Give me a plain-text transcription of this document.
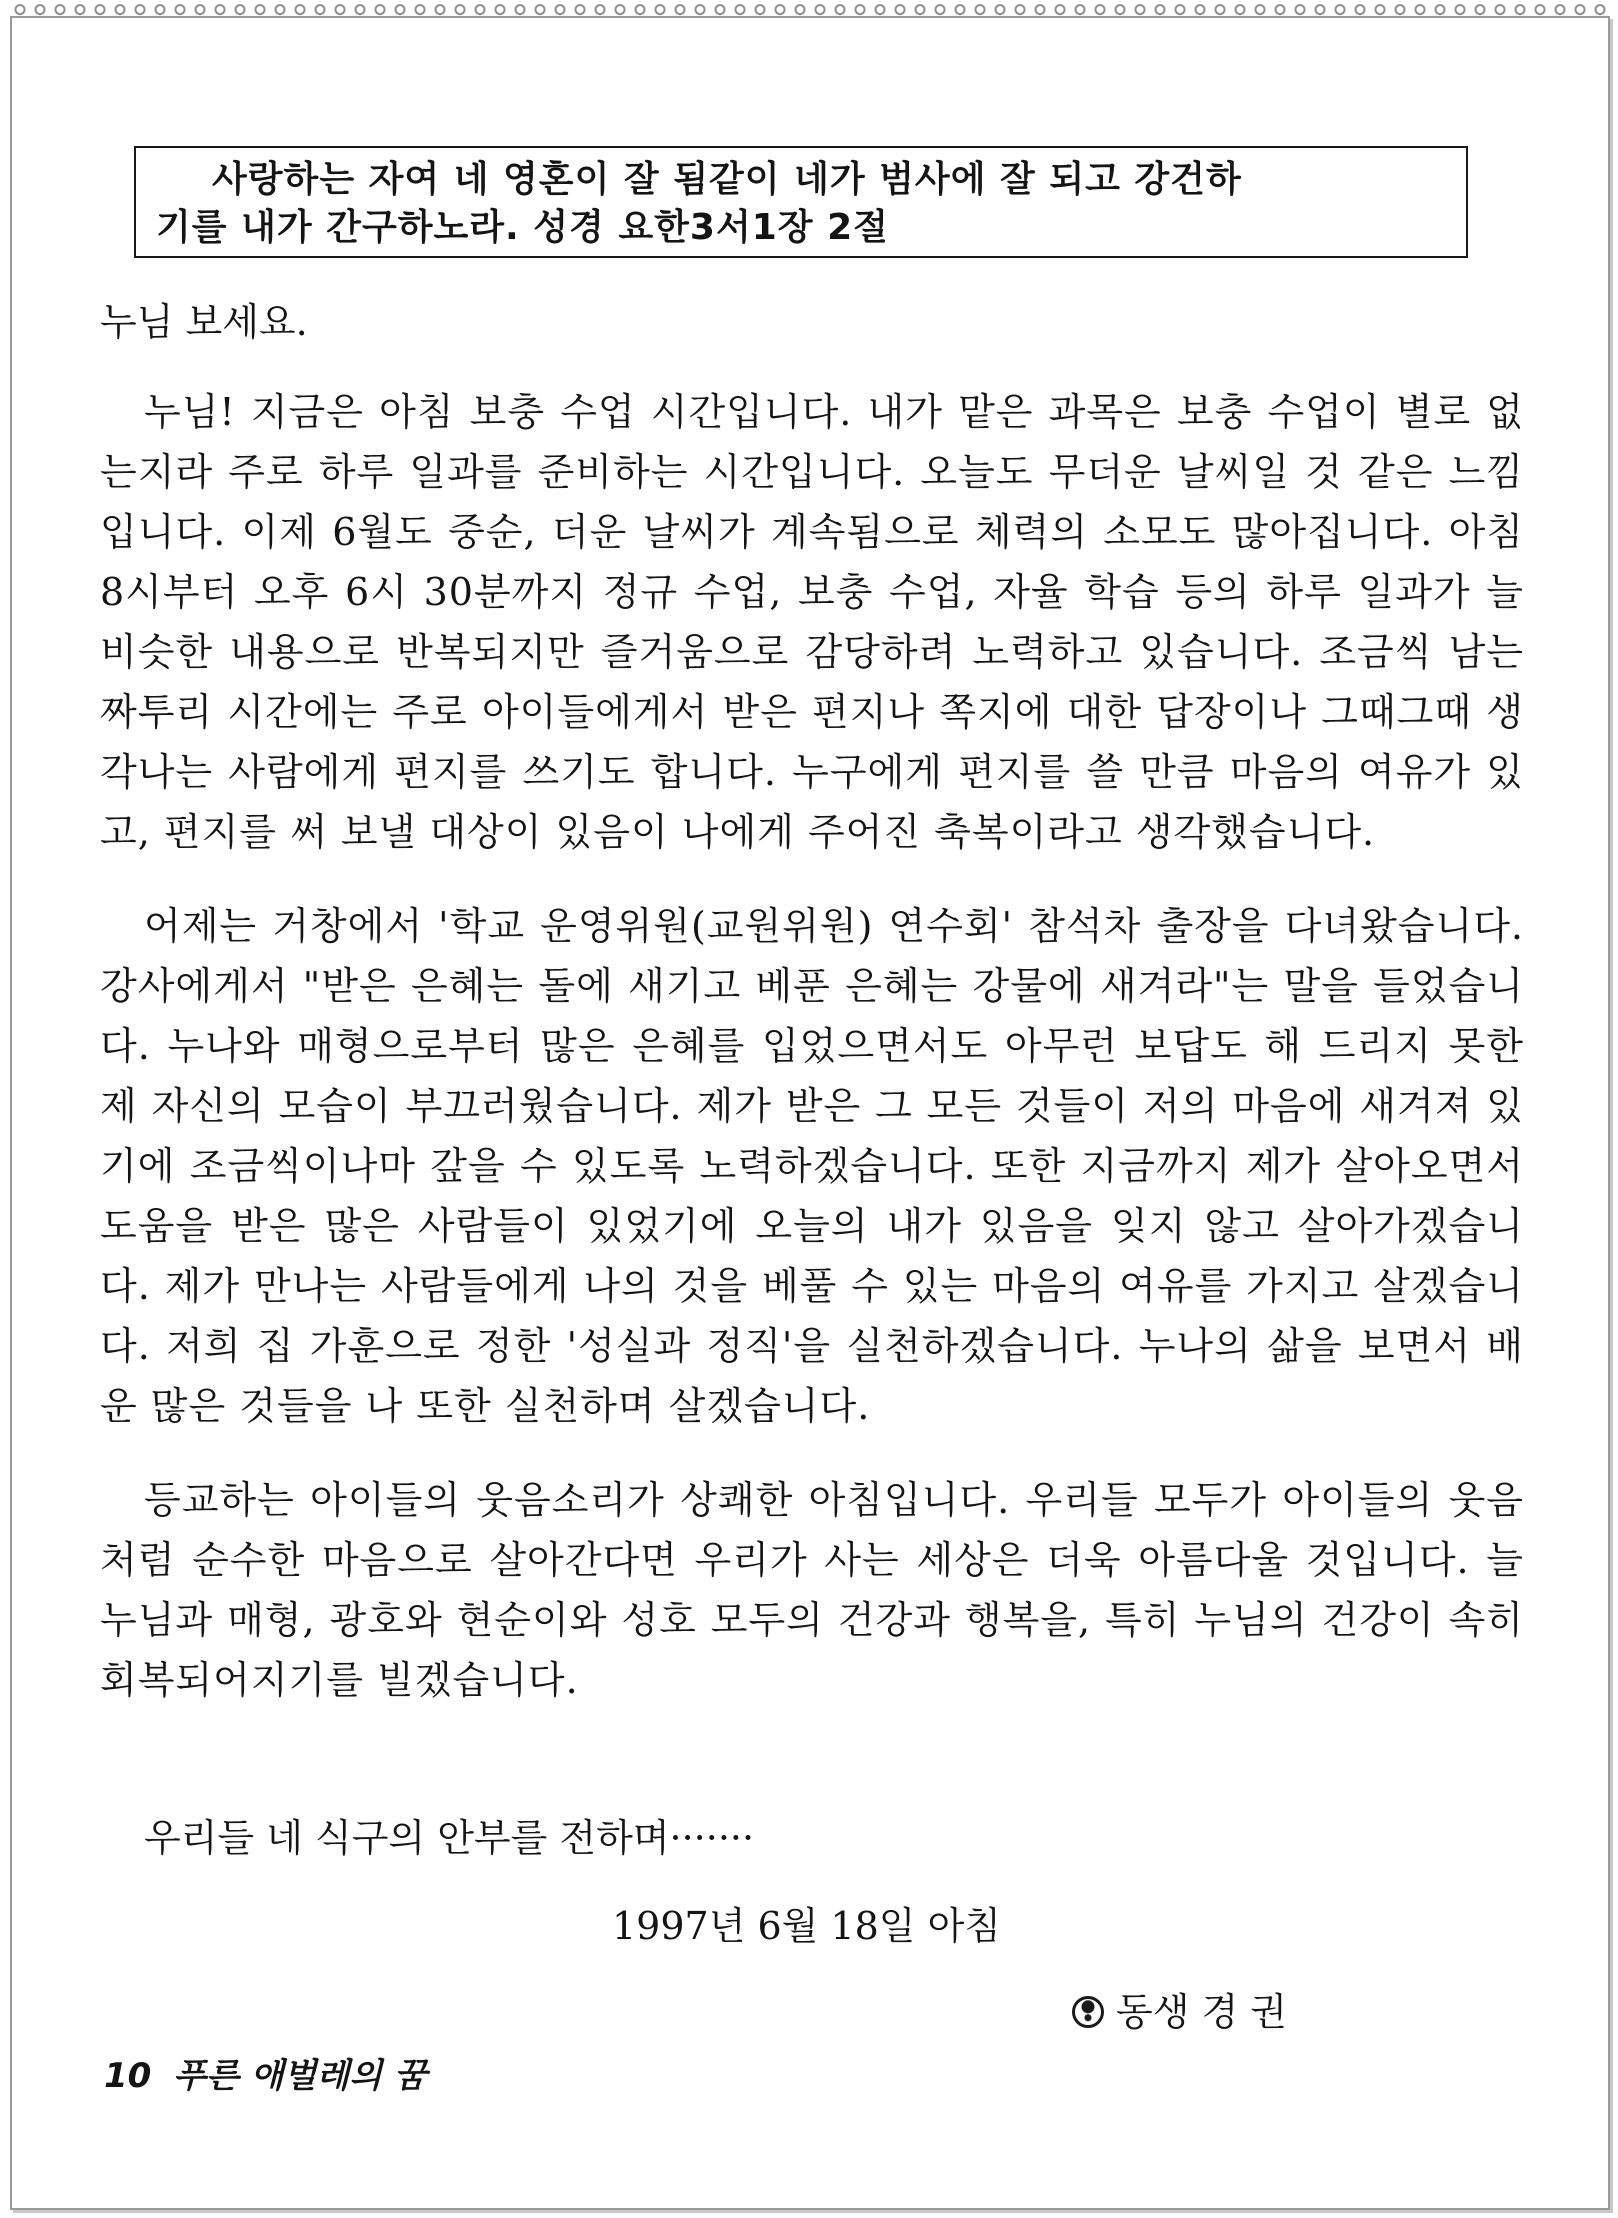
사랑하는 자여 네 영혼이 잘 됨같이 네가 범사에 잘 되고 강건하
기를 내가 간구하노라. 성경 요한3서1장 2절
누님 보세요.

누님! 지금은 아침 보충 수업 시간입니다. 내가 맡은 과목은 보충 수업이 별로 없는지라 주로 하루 일과를 준비하는 시간입니다. 오늘도 무더운 날씨일 것 같은 느낌입니다. 이제 6월도 중순, 더운 날씨가 계속됨으로 체력의 소모도 많아집니다. 아침 8시부터 오후 6시 30분까지 정규 수업, 보충 수업, 자율 학습 등의 하루 일과가 늘 비슷한 내용으로 반복되지만 즐거움으로 감당하려 노력하고 있습니다. 조금씩 남는 짜투리 시간에는 주로 아이들에게서 받은 편지나 쪽지에 대한 답장이나 그때그때 생각나는 사람에게 편지를 쓰기도 합니다. 누구에게 편지를 쓸 만큼 마음의 여유가 있고, 편지를 써 보낼 대상이 있음이 나에게 주어진 축복이라고 생각했습니다.

어제는 거창에서 '학교 운영위원(교원위원) 연수회' 참석차 출장을 다녀왔습니다. 강사에게서 "받은 은혜는 돌에 새기고 베푼 은혜는 강물에 새겨라"는 말을 들었습니다. 누나와 매형으로부터 많은 은혜를 입었으면서도 아무런 보답도 해 드리지 못한 제 자신의 모습이 부끄러웠습니다. 제가 받은 그 모든 것들이 저의 마음에 새겨져 있기에 조금씩이나마 갚을 수 있도록 노력하겠습니다. 또한 지금까지 제가 살아오면서 도움을 받은 많은 사람들이 있었기에 오늘의 내가 있음을 잊지 않고 살아가겠습니다. 제가 만나는 사람들에게 나의 것을 베풀 수 있는 마음의 여유를 가지고 살겠습니다. 저희 집 가훈으로 정한 '성실과 정직'을 실천하겠습니다. 누나의 삶을 보면서 배운 많은 것들을 나 또한 실천하며 살겠습니다.

등교하는 아이들의 웃음소리가 상쾌한 아침입니다. 우리들 모두가 아이들의 웃음처럼 순수한 마음으로 살아간다면 우리가 사는 세상은 더욱 아름다울 것입니다. 늘 누님과 매형, 광호와 현순이와 성호 모두의 건강과 행복을, 특히 누님의 건강이 속히 회복되어지기를 빌겠습니다.

우리들 네 식구의 안부를 전하며·······
1997년 6월 18일 아침
동생 경 권
10 푸른 애벌레의 꿈
